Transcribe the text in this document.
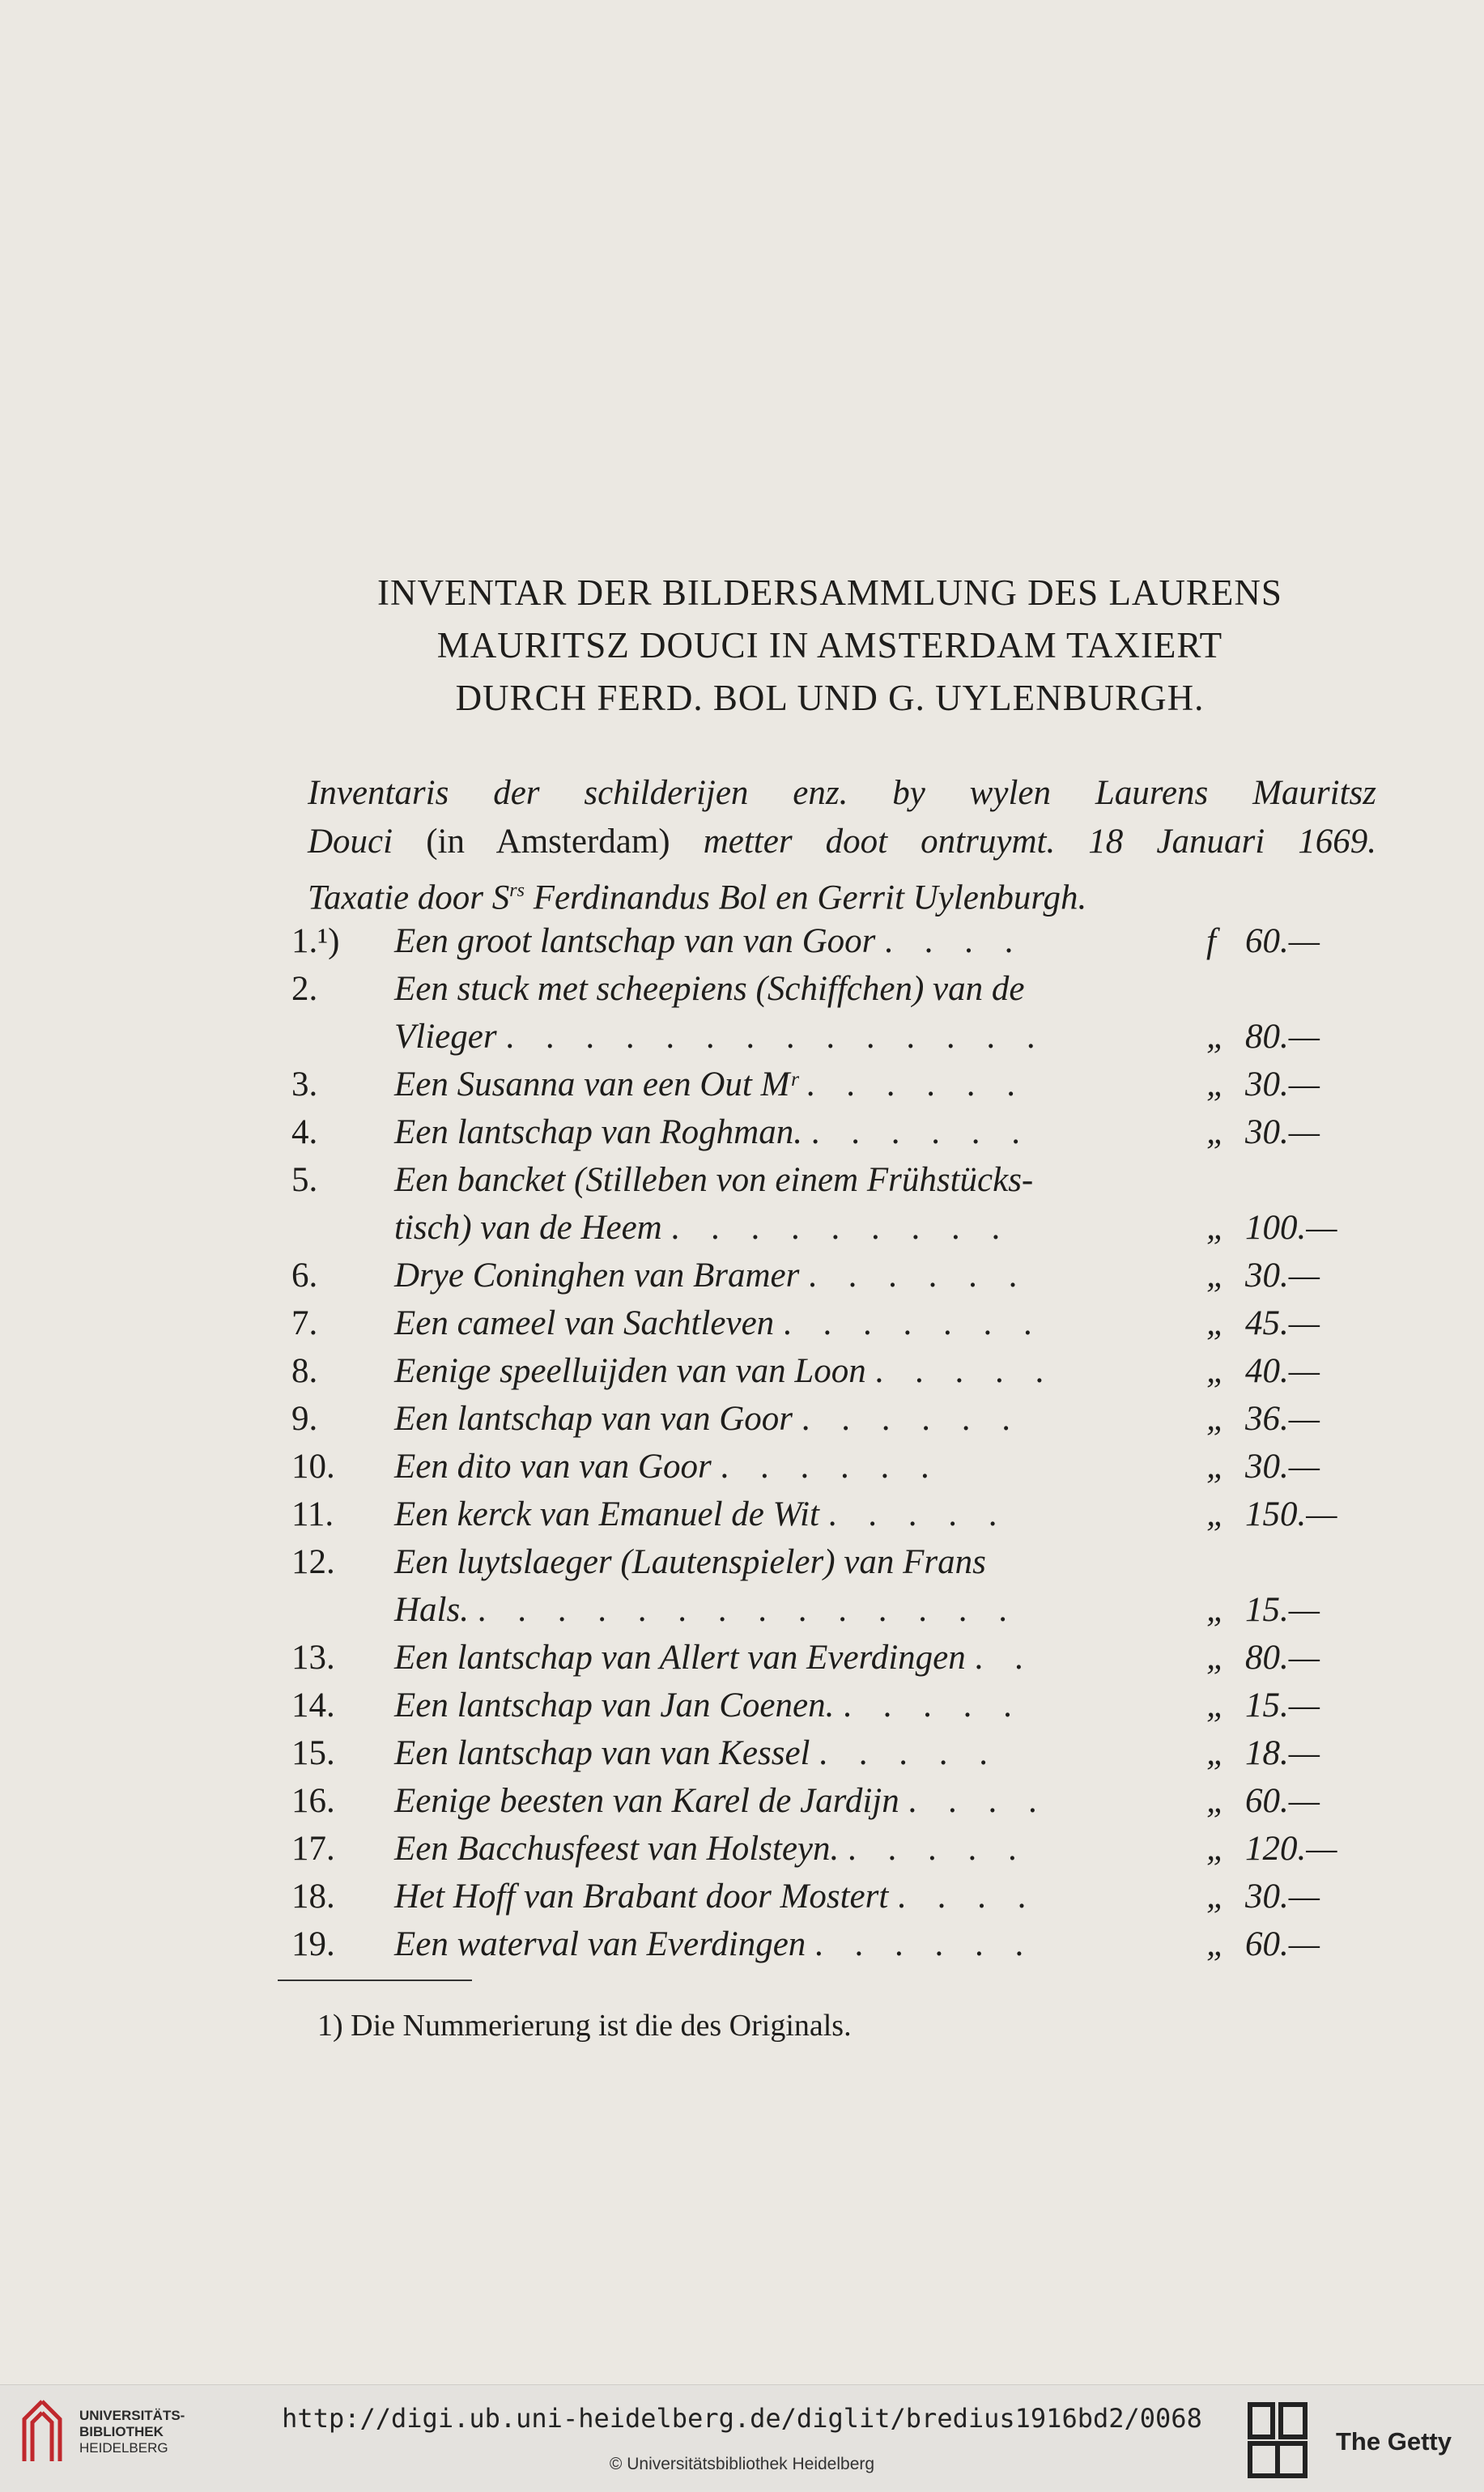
INVENTAR DER BILDERSAMMLUNG DES LAURENS
MAURITSZ DOUCI IN AMSTERDAM TAXIERT
DURCH FERD. BOL UND G. UYLENBURGH.
Inventaris der schilderijen enz. by wylen Laurens Mauritsz
Douci (in Amsterdam) metter doot ontruymt. 18 Januari 1669.
Taxatie door $S^{rs}$ Ferdinandus Bol en Gerrit Uylenburgh.
1.¹)	Een groot lantschap van van Goor . . . .	f 60.—
2.	Een stuck met scheepiens (Schiffchen) van de
Vlieger . . . . . . . . . . . . . .	„ 80.—
3.	Een Susanna van een Out Mʳ . . . . . .	„ 30.—
4.	Een lantschap van Roghman. . . . . . .	„ 30.—
5.	Een bancket (Stilleben von einem Frühstücks-
tisch) van de Heem . . . . . . . . .	„ 100.—
6.	Drye Coninghen van Bramer . . . . . .	„ 30.—
7.	Een cameel van Sachtleven . . . . . . .	„ 45.—
8.	Eenige speelluijden van van Loon . . . . .	„ 40.—
9.	Een lantschap van van Goor . . . . . .	„ 36.—
10.	Een dito van van Goor . . . . . .	„ 30.—
11.	Een kerck van Emanuel de Wit . . . . .	„ 150.—
12.	Een luytslaeger (Lautenspieler) van Frans
Hals. . . . . . . . . . . . . . .	„ 15.—
13.	Een lantschap van Allert van Everdingen . .	„ 80.—
14.	Een lantschap van Jan Coenen. . . . . .	„ 15.—
15.	Een lantschap van van Kessel . . . . .	„ 18.—
16.	Eenige beesten van Karel de Jardijn . . . .	„ 60.—
17.	Een Bacchusfeest van Holsteyn. . . . . .	„ 120.—
18.	Het Hoff van Brabant door Mostert . . . .	„ 30.—
19.	Een waterval van Everdingen . . . . . .	„ 60.—
1) Die Nummerierung ist die des Originals.
UNIVERSITÄTS-
BIBLIOTHEK
HEIDELBERG
http://digi.ub.uni-heidelberg.de/diglit/bredius1916bd2/0068
© Universitätsbibliothek Heidelberg
The Getty
